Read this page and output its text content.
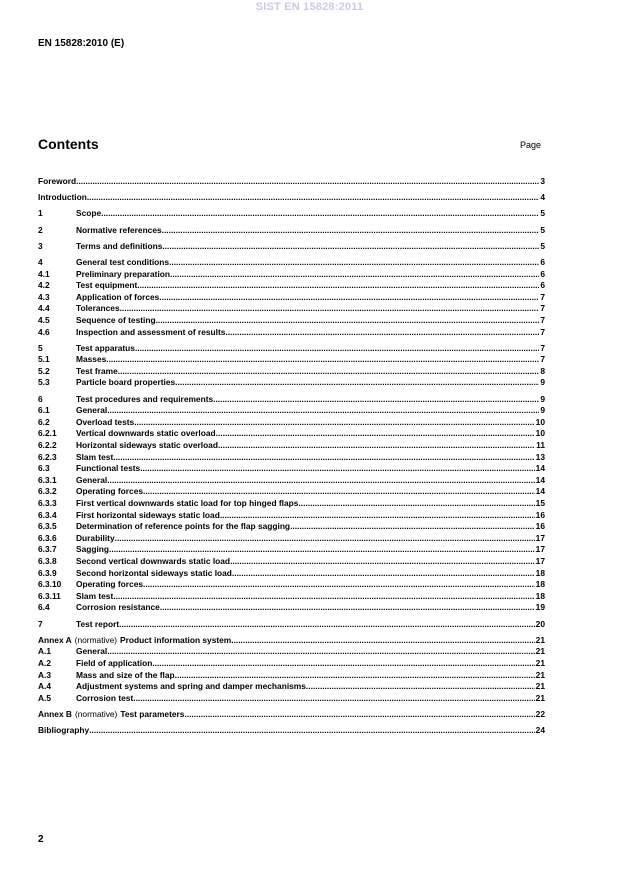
SIST EN 15828:2011
EN 15828:2010 (E)
Contents	Page
Foreword .....	3
Introduction .....	4
1	Scope .....	5
2	Normative references .....	5
3	Terms and definitions .....	5
4	General test conditions .....	6
4.1	Preliminary preparation .....	6
4.2	Test equipment .....	6
4.3	Application of forces .....	7
4.4	Tolerances .....	7
4.5	Sequence of testing .....	7
4.6	Inspection and assessment of results .....	7
5	Test apparatus .....	7
5.1	Masses .....	7
5.2	Test frame .....	8
5.3	Particle board properties .....	9
6	Test procedures and requirements .....	9
6.1	General .....	9
6.2	Overload tests .....	10
6.2.1	Vertical downwards static overload .....	10
6.2.2	Horizontal sideways static overload .....	11
6.2.3	Slam test .....	13
6.3	Functional tests .....	14
6.3.1	General .....	14
6.3.2	Operating forces .....	14
6.3.3	First vertical downwards static load for top hinged flaps .....	15
6.3.4	First horizontal sideways static load .....	16
6.3.5	Determination of reference points for the flap sagging .....	16
6.3.6	Durability .....	17
6.3.7	Sagging .....	17
6.3.8	Second vertical downwards static load .....	17
6.3.9	Second horizontal sideways static load .....	18
6.3.10	Operating forces .....	18
6.3.11	Slam test .....	18
6.4	Corrosion resistance .....	19
7	Test report .....	20
Annex A (normative) Product information system .....	21
A.1	General .....	21
A.2	Field of application .....	21
A.3	Mass and size of the flap .....	21
A.4	Adjustment systems and spring and damper mechanisms .....	21
A.5	Corrosion test .....	21
Annex B (normative) Test parameters .....	22
Bibliography .....	24
2
